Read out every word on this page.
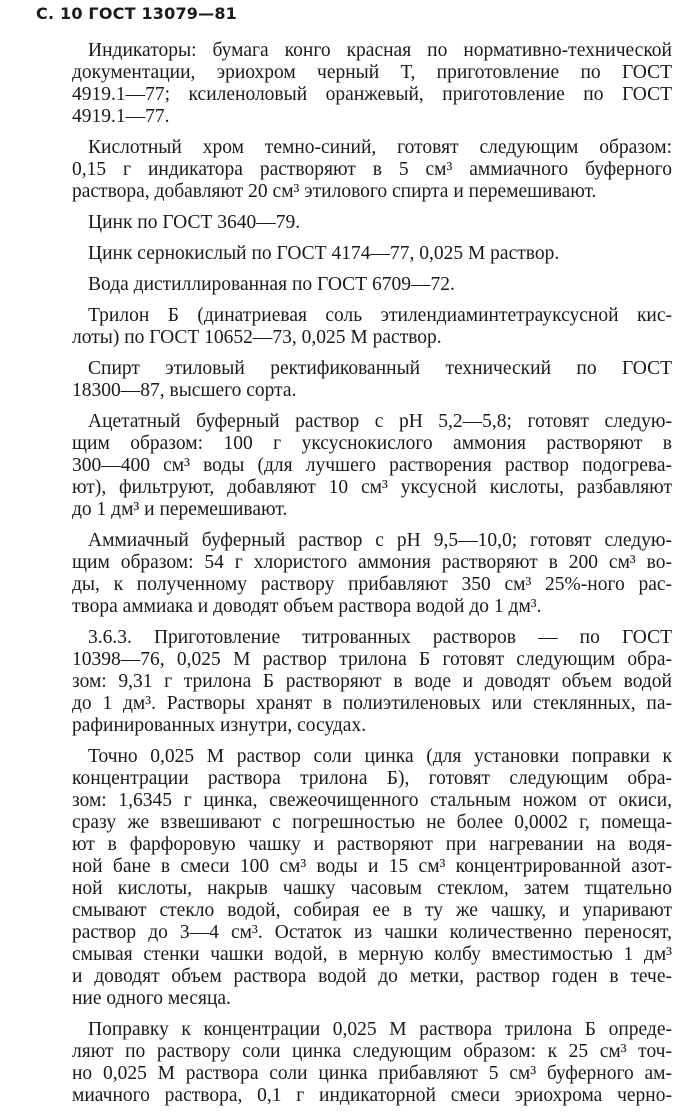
С. 10 ГОСТ 13079—81
Индикаторы: бумага конго красная по нормативно-технической
документации, эриохром черный Т, приготовление по ГОСТ
4919.1—77; ксиленоловый оранжевый, приготовление по ГОСТ
4919.1—77.
Кислотный хром темно-синий, готовят следующим образом:
0,15 г индикатора растворяют в 5 см³ аммиачного буферного
раствора, добавляют 20 см³ этилового спирта и перемешивают.
Цинк по ГОСТ 3640—79.
Цинк сернокислый по ГОСТ 4174—77, 0,025 М раствор.
Вода дистиллированная по ГОСТ 6709—72.
Трилон Б (динатриевая соль этилендиаминтетрауксусной кис-
лоты) по ГОСТ 10652—73, 0,025 М раствор.
Спирт этиловый ректификованный технический по ГОСТ
18300—87, высшего сорта.
Ацетатный буферный раствор с рН 5,2—5,8; готовят следую-
щим образом: 100 г уксуснокислого аммония растворяют в
300—400 см³ воды (для лучшего растворения раствор подогрева-
ют), фильтруют, добавляют 10 см³ уксусной кислоты, разбавляют
до 1 дм³ и перемешивают.
Аммиачный буферный раствор с рН 9,5—10,0; готовят следую-
щим образом: 54 г хлористого аммония растворяют в 200 см³ во-
ды, к полученному раствору прибавляют 350 см³ 25%-ного рас-
твора аммиака и доводят объем раствора водой до 1 дм³.
3.6.3. Приготовление титрованных растворов — по ГОСТ
10398—76, 0,025 М раствор трилона Б готовят следующим обра-
зом: 9,31 г трилона Б растворяют в воде и доводят объем водой
до 1 дм³. Растворы хранят в полиэтиленовых или стеклянных, па-
рафинированных изнутри, сосудах.
Точно 0,025 М раствор соли цинка (для установки поправки к
концентрации раствора трилона Б), готовят следующим обра-
зом: 1,6345 г цинка, свежеочищенного стальным ножом от окиси,
сразу же взвешивают с погрешностью не более 0,0002 г, помеща-
ют в фарфоровую чашку и растворяют при нагревании на водя-
ной бане в смеси 100 см³ воды и 15 см³ концентрированной азот-
ной кислоты, накрыв чашку часовым стеклом, затем тщательно
смывают стекло водой, собирая ее в ту же чашку, и упаривают
раствор до 3—4 см³. Остаток из чашки количественно переносят,
смывая стенки чашки водой, в мерную колбу вместимостью 1 дм³
и доводят объем раствора водой до метки, раствор годен в тече-
ние одного месяца.
Поправку к концентрации 0,025 М раствора трилона Б опреде-
ляют по раствору соли цинка следующим образом: к 25 см³ точ-
но 0,025 М раствора соли цинка прибавляют 5 см³ буферного ам-
миачного раствора, 0,1 г индикаторной смеси эриохрома черно-
